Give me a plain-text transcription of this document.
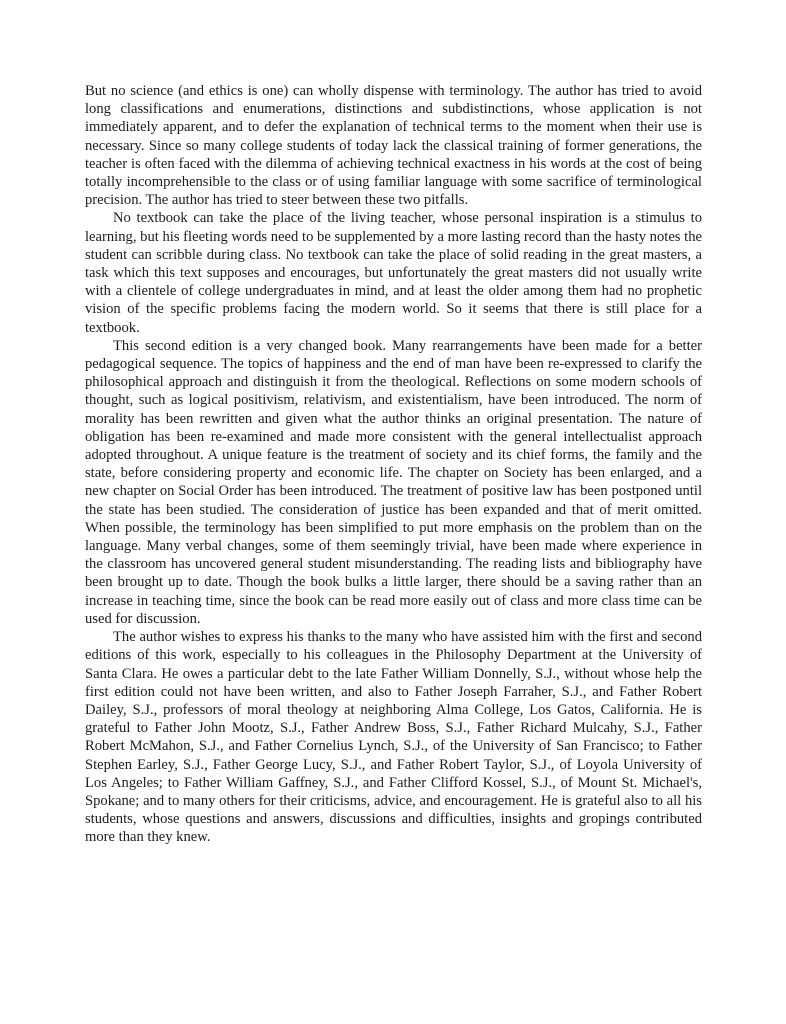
But no science (and ethics is one) can wholly dispense with terminology. The author has tried to avoid long classifications and enumerations, distinctions and subdistinctions, whose application is not immediately apparent, and to defer the explanation of technical terms to the moment when their use is necessary. Since so many college students of today lack the classical training of former generations, the teacher is often faced with the dilemma of achieving technical exactness in his words at the cost of being totally incomprehensible to the class or of using familiar language with some sacrifice of terminological precision. The author has tried to steer between these two pitfalls.

No textbook can take the place of the living teacher, whose personal inspiration is a stimulus to learning, but his fleeting words need to be supplemented by a more lasting record than the hasty notes the student can scribble during class. No textbook can take the place of solid reading in the great masters, a task which this text supposes and encourages, but unfortunately the great masters did not usually write with a clientele of college undergraduates in mind, and at least the older among them had no prophetic vision of the specific problems facing the modern world. So it seems that there is still place for a textbook.

This second edition is a very changed book. Many rearrangements have been made for a better pedagogical sequence. The topics of happiness and the end of man have been re-expressed to clarify the philosophical approach and distinguish it from the theological. Reflections on some modern schools of thought, such as logical positivism, relativism, and existentialism, have been introduced. The norm of morality has been rewritten and given what the author thinks an original presentation. The nature of obligation has been re-examined and made more consistent with the general intellectualist approach adopted throughout. A unique feature is the treatment of society and its chief forms, the family and the state, before considering property and economic life. The chapter on Society has been enlarged, and a new chapter on Social Order has been introduced. The treatment of positive law has been postponed until the state has been studied. The consideration of justice has been expanded and that of merit omitted. When possible, the terminology has been simplified to put more emphasis on the problem than on the language. Many verbal changes, some of them seemingly trivial, have been made where experience in the classroom has uncovered general student misunderstanding. The reading lists and bibliography have been brought up to date. Though the book bulks a little larger, there should be a saving rather than an increase in teaching time, since the book can be read more easily out of class and more class time can be used for discussion.

The author wishes to express his thanks to the many who have assisted him with the first and second editions of this work, especially to his colleagues in the Philosophy Department at the University of Santa Clara. He owes a particular debt to the late Father William Donnelly, S.J., without whose help the first edition could not have been written, and also to Father Joseph Farraher, S.J., and Father Robert Dailey, S.J., professors of moral theology at neighboring Alma College, Los Gatos, California. He is grateful to Father John Mootz, S.J., Father Andrew Boss, S.J., Father Richard Mulcahy, S.J., Father Robert McMahon, S.J., and Father Cornelius Lynch, S.J., of the University of San Francisco; to Father Stephen Earley, S.J., Father George Lucy, S.J., and Father Robert Taylor, S.J., of Loyola University of Los Angeles; to Father William Gaffney, S.J., and Father Clifford Kossel, S.J., of Mount St. Michael's, Spokane; and to many others for their criticisms, advice, and encouragement. He is grateful also to all his students, whose questions and answers, discussions and difficulties, insights and gropings contributed more than they knew.
